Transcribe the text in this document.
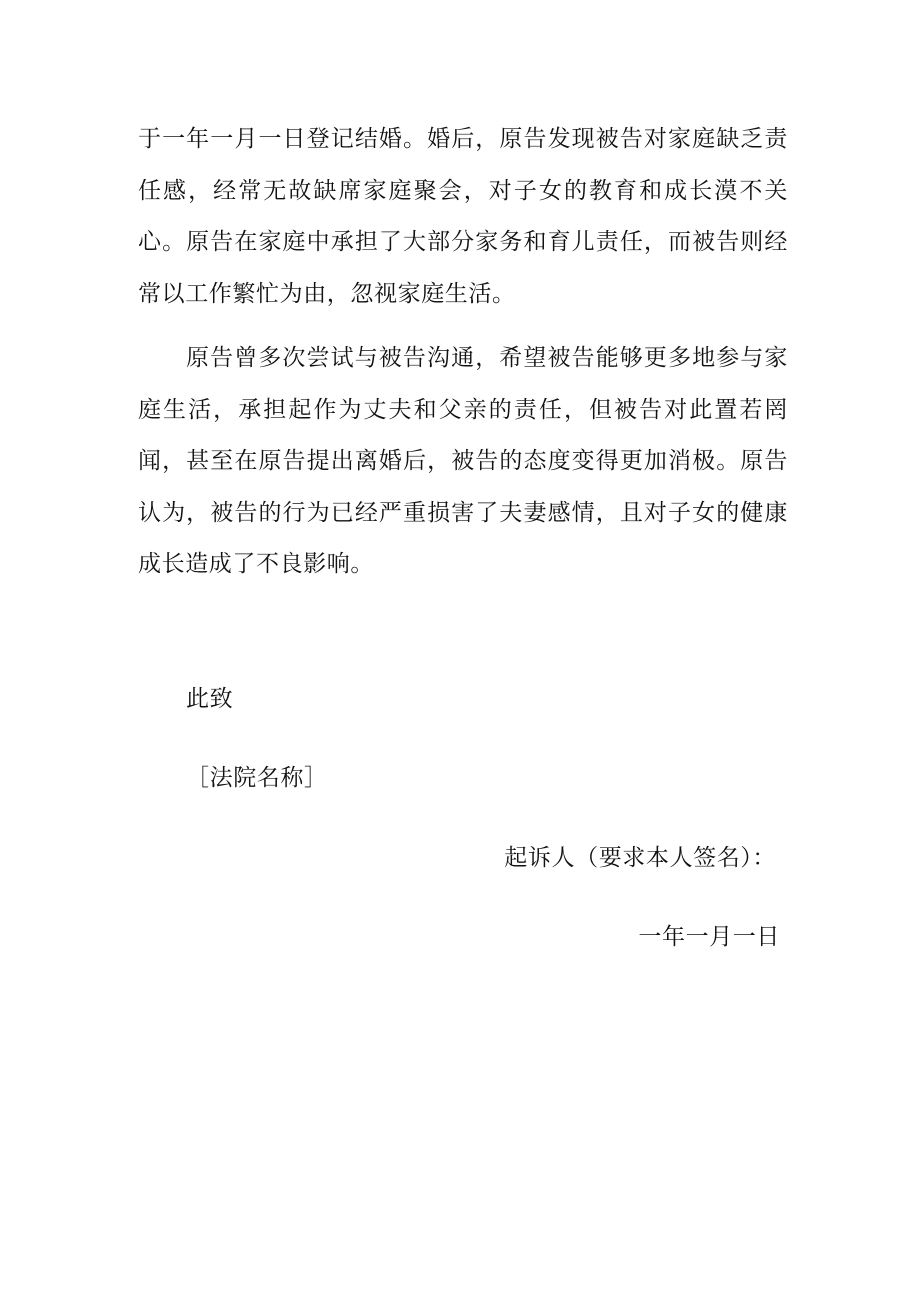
于一年一月一日登记结婚。婚后，原告发现被告对家庭缺乏责任感，经常无故缺席家庭聚会，对子女的教育和成长漠不关心。原告在家庭中承担了大部分家务和育儿责任，而被告则经常以工作繁忙为由，忽视家庭生活。

原告曾多次尝试与被告沟通，希望被告能够更多地参与家庭生活，承担起作为丈夫和父亲的责任，但被告对此置若罔闻，甚至在原告提出离婚后，被告的态度变得更加消极。原告认为，被告的行为已经严重损害了夫妻感情，且对子女的健康成长造成了不良影响。

此致

［法院名称］

起诉人（要求本人签名）：

一年一月一日
